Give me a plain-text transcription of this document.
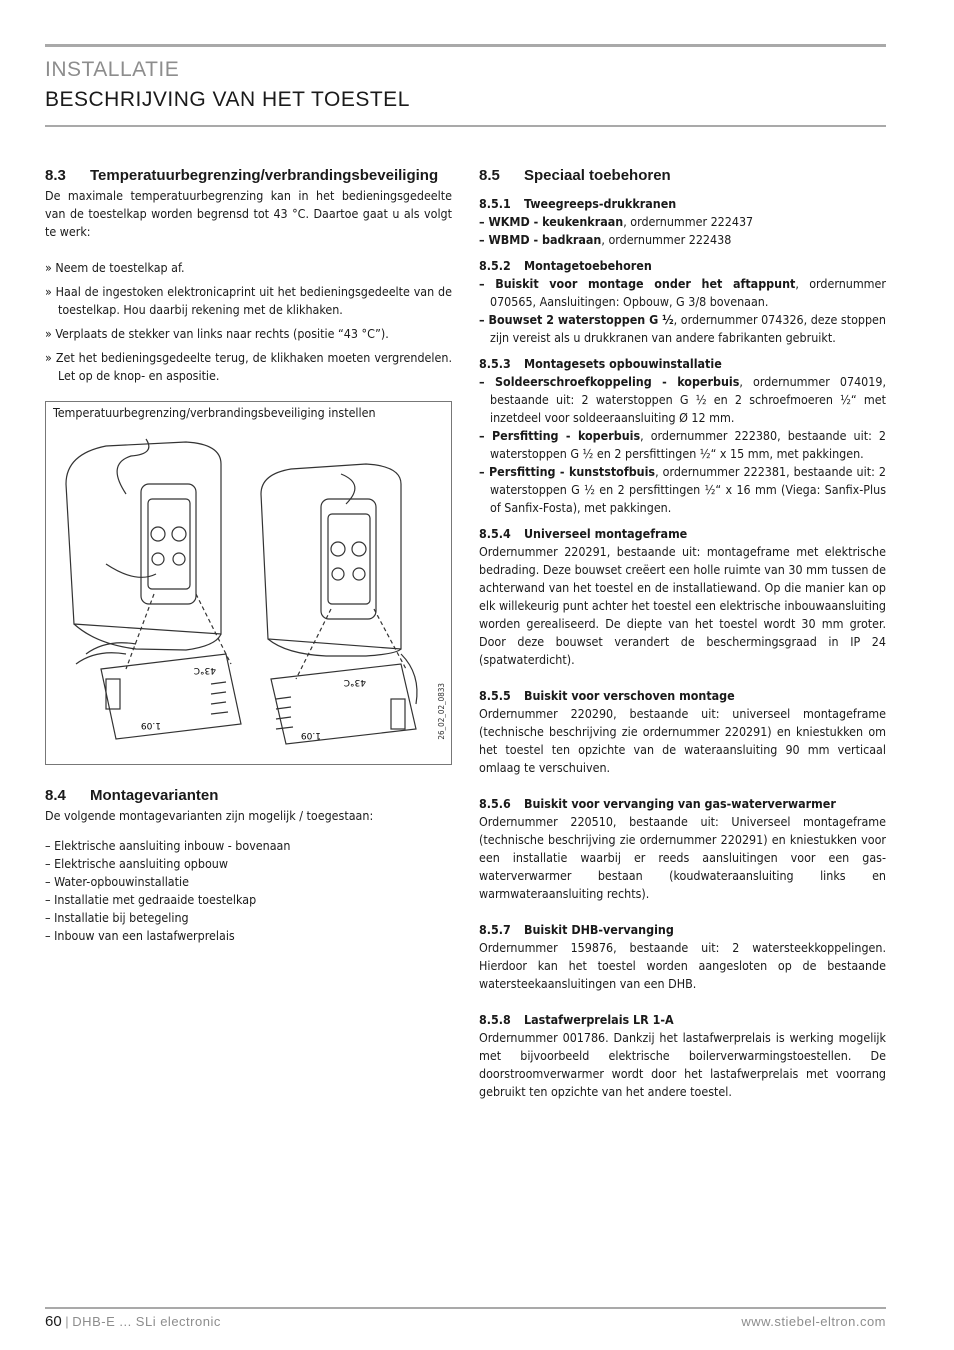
INSTALLATIE
BESCHRIJVING VAN HET TOESTEL
8.3 Temperatuurbegrenzing/verbrandingsbeveiliging

De maximale temperatuurbegrenzing kan in het bedieningsgedeelte van de toestelkap worden begrensd tot 43 °C. Daartoe gaat u als volgt te werk:

» Neem de toestelkap af.

» Haal de ingestoken elektronicaprint uit het bedieningsgedeelte van de toestelkap. Hou daarbij rekening met de klikhaken.

» Verplaats de stekker van links naar rechts (positie “43 °C”).

» Zet het bedieningsgedeelte terug, de klikhaken moeten vergrendelen. Let op de knop- en aspositie.

Temperatuurbegrenzing/verbrandingsbeveiliging instellen
26_02_02_0833
43°C
1.09
43°C
1.09
8.4 Montagevarianten

De volgende montagevarianten zijn mogelijk / toegestaan:

– Elektrische aansluiting inbouw - bovenaan

– Elektrische aansluiting opbouw

– Water-opbouwinstallatie

– Installatie met gedraaide toestelkap

– Installatie bij betegeling

– Inbouw van een lastafwerprelais

8.5 Speciaal toebehoren
8.5.1 Tweegreeps-drukkranen

– WKMD - keukenkraan, ordernummer 222437

– WBMD - badkraan, ordernummer 222438

8.5.2 Montagetoebehoren

– Buiskit voor montage onder het aftappunt, ordernummer 070565, Aansluitingen: Opbouw, G 3/8 bovenaan.

– Bouwset 2 waterstoppen G ½, ordernummer 074326, deze stoppen zijn vereist als u drukkranen van andere fabrikanten gebruikt.

8.5.3 Montagesets opbouwinstallatie

– Soldeerschroefkoppeling - koperbuis, ordernummer 074019, bestaande uit: 2 waterstoppen G ½ en 2 schroefmoeren ½“ met inzetdeel voor soldeeraansluiting Ø 12 mm.

– Persfitting - koperbuis, ordernummer 222380, bestaande uit: 2 waterstoppen G ½ en 2 persfittingen ½“ x 15 mm, met pakkingen.

– Persfitting - kunststofbuis, ordernummer 222381, bestaande uit: 2 waterstoppen G ½ en 2 persfittingen ½“ x 16 mm (Viega: Sanfix-Plus of Sanfix-Fosta), met pakkingen.

8.5.4 Universeel montageframe

Ordernummer 220291, bestaande uit: montageframe met elektrische bedrading. Deze bouwset creëert een holle ruimte van 30 mm tussen de achterwand van het toestel en de installatiewand. Op die manier kan op elk willekeurig punt achter het toestel een elektrische inbouwaansluiting worden gerealiseerd. De diepte van het toestel wordt 30 mm groter. Door deze bouwset verandert de beschermingsgraad in IP 24 (spatwaterdicht).

8.5.5 Buiskit voor verschoven montage

Ordernummer 220290, bestaande uit: universeel montageframe (technische beschrijving zie ordernummer 220291) en kniestukken om het toestel ten opzichte van de wateraansluiting 90 mm verticaal omlaag te verschuiven.

8.5.6 Buiskit voor vervanging van gas-waterverwarmer

Ordernummer 220510, bestaande uit: Universeel montageframe (technische beschrijving zie ordernummer 220291) en kniestukken voor een installatie waarbij er reeds aansluitingen voor een gas-waterverwarmer bestaan (koudwateraansluiting links en warmwateraansluiting rechts).

8.5.7 Buiskit DHB-vervanging

Ordernummer 159876, bestaande uit: 2 watersteekkoppelingen. Hierdoor kan het toestel worden aangesloten op de bestaande watersteekaansluitingen van een DHB.

8.5.8 Lastafwerprelais LR 1-A

Ordernummer 001786. Dankzij het lastafwerprelais is werking mogelijk met bijvoorbeeld elektrische boilerverwarmingstoestellen. De doorstroomverwarmer wordt door het lastafwerprelais met voorrang gebruikt ten opzichte van het andere toestel.

60 | DHB-E ... SLi electronic	www.stiebel-eltron.com
